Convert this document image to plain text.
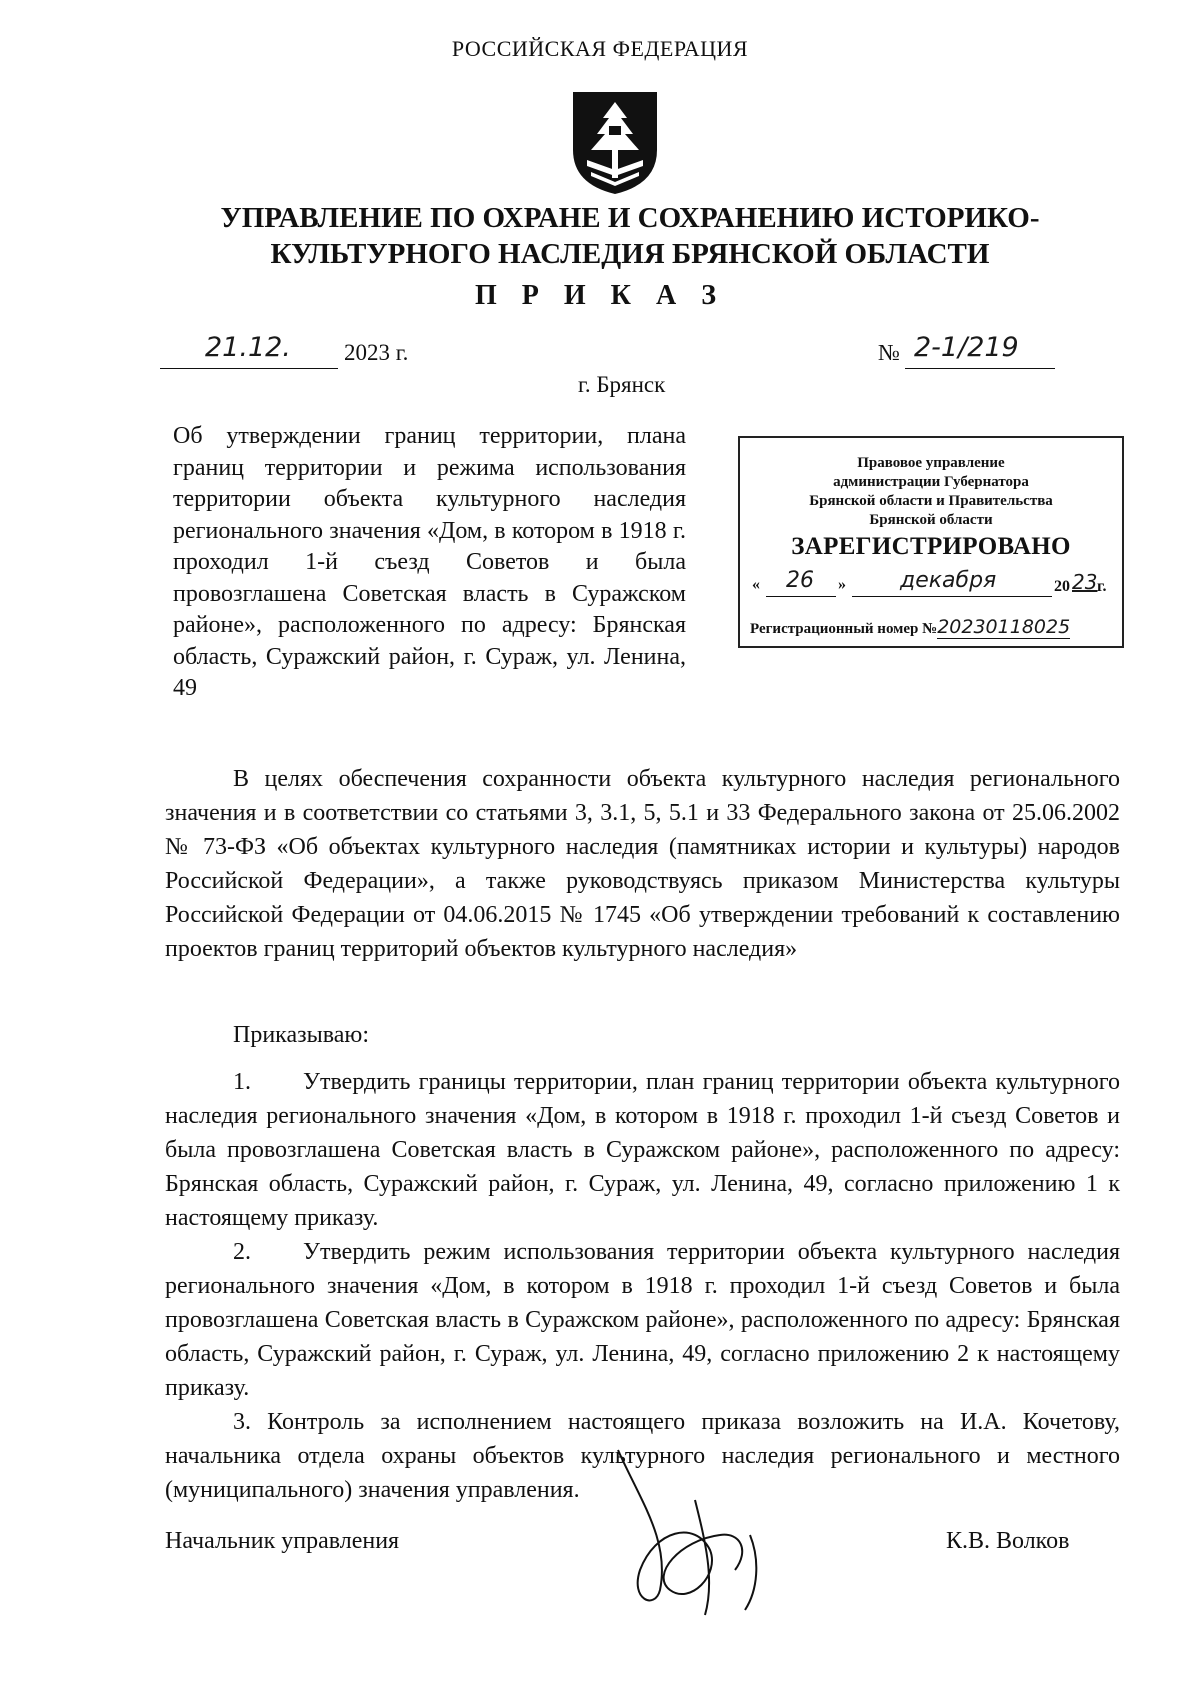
РОССИЙСКАЯ ФЕДЕРАЦИЯ
УПРАВЛЕНИЕ ПО ОХРАНЕ И СОХРАНЕНИЮ ИСТОРИКО-
КУЛЬТУРНОГО НАСЛЕДИЯ БРЯНСКОЙ ОБЛАСТИ
П Р И К А З
21.12. 2023 г.	№ 2-1/219
г. Брянск
Об утверждении границ территории, плана границ территории и режима использования территории объекта культурного наследия регионального значения «Дом, в котором в 1918 г. проходил 1-й съезд Советов и была провозглашена Советская власть в Суражском районе», расположенного по адресу: Брянская область, Суражский район, г. Сураж, ул. Ленина, 49
Правовое управление
администрации Губернатора
Брянской области и Правительства
Брянской области
ЗАРЕГИСТРИРОВАНО
« 26 » декабря	20 23 г.
Регистрационный номер №20230118025
В целях обеспечения сохранности объекта культурного наследия регионального значения и в соответствии со статьями 3, 3.1, 5, 5.1 и 33 Федерального закона от 25.06.2002 № 73-ФЗ «Об объектах культурного наследия (памятниках истории и культуры) народов Российской Федерации», а также руководствуясь приказом Министерства культуры Российской Федерации от 04.06.2015 № 1745 «Об утверждении требований к составлению проектов границ территорий объектов культурного наследия»
Приказываю:
1. Утвердить границы территории, план границ территории объекта культурного наследия регионального значения «Дом, в котором в 1918 г. проходил 1-й съезд Советов и была провозглашена Советская власть в Суражском районе», расположенного по адресу: Брянская область, Суражский район, г. Сураж, ул. Ленина, 49, согласно приложению 1 к настоящему приказу.
2. Утвердить режим использования территории объекта культурного наследия регионального значения «Дом, в котором в 1918 г. проходил 1-й съезд Советов и была провозглашена Советская власть в Суражском районе», расположенного по адресу: Брянская область, Суражский район, г. Сураж, ул. Ленина, 49, согласно приложению 2 к настоящему приказу.
3. Контроль за исполнением настоящего приказа возложить на И.А. Кочетову, начальника отдела охраны объектов культурного наследия регионального и местного (муниципального) значения управления.
Начальник управления	К.В. Волков
